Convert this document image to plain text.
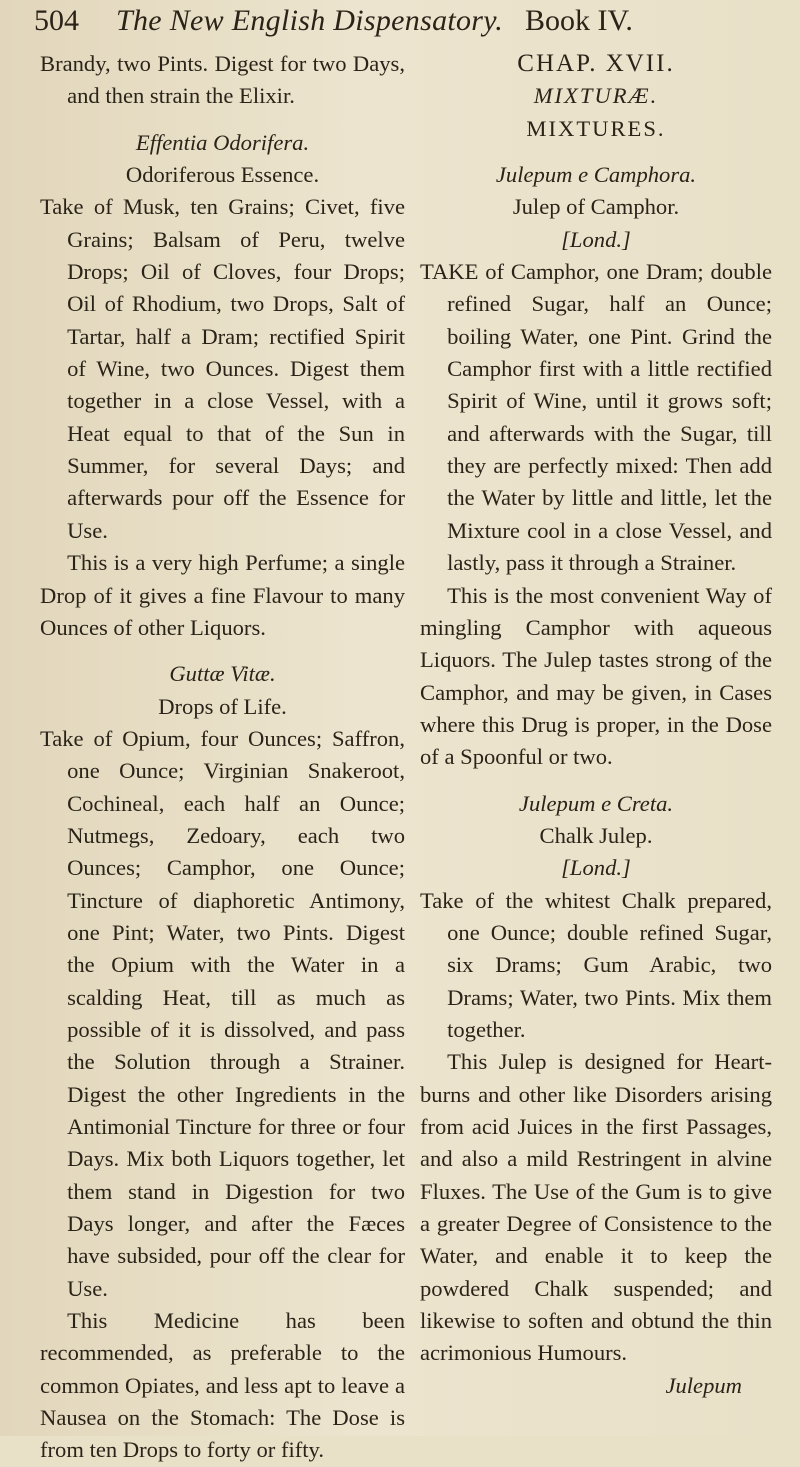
504	The New English Dispensatory. Book IV.

Brandy, two Pints. Digest for two Days, and then strain the Elixir.

Effentia Odorifera.

Odoriferous Essence.

Take of Musk, ten Grains; Civet, five Grains; Balsam of Peru, twelve Drops; Oil of Cloves, four Drops; Oil of Rhodium, two Drops, Salt of Tartar, half a Dram; rectified Spirit of Wine, two Ounces. Digest them together in a close Vessel, with a Heat equal to that of the Sun in Summer, for several Days; and afterwards pour off the Essence for Use.

This is a very high Perfume; a single Drop of it gives a fine Flavour to many Ounces of other Liquors.

Guttæ Vitæ.

Drops of Life.

Take of Opium, four Ounces; Saffron, one Ounce; Virginian Snakeroot, Cochineal, each half an Ounce; Nutmegs, Zedoary, each two Ounces; Camphor, one Ounce; Tincture of diaphoretic Antimony, one Pint; Water, two Pints. Digest the Opium with the Water in a scalding Heat, till as much as possible of it is dissolved, and pass the Solution through a Strainer. Digest the other Ingredients in the Antimonial Tincture for three or four Days. Mix both Liquors together, let them stand in Digestion for two Days longer, and after the Fæces have subsided, pour off the clear for Use.

This Medicine has been recommended, as preferable to the common Opiates, and less apt to leave a Nausea on the Stomach: The Dose is from ten Drops to forty or fifty.

CHAP. XVII.

MIXTURÆ.

MIXTURES.

Julepum e Camphora.

Julep of Camphor.

[Lond.]

TAKE of Camphor, one Dram; double refined Sugar, half an Ounce; boiling Water, one Pint. Grind the Camphor first with a little rectified Spirit of Wine, until it grows soft; and afterwards with the Sugar, till they are perfectly mixed: Then add the Water by little and little, let the Mixture cool in a close Vessel, and lastly, pass it through a Strainer.

This is the most convenient Way of mingling Camphor with aqueous Liquors. The Julep tastes strong of the Camphor, and may be given, in Cases where this Drug is proper, in the Dose of a Spoonful or two.

Julepum e Creta.

Chalk Julep.

[Lond.]

Take of the whitest Chalk prepared, one Ounce; double refined Sugar, six Drams; Gum Arabic, two Drams; Water, two Pints. Mix them together.

This Julep is designed for Heart-burns and other like Disorders arising from acid Juices in the first Passages, and also a mild Restringent in alvine Fluxes. The Use of the Gum is to give a greater Degree of Consistence to the Water, and enable it to keep the powdered Chalk suspended; and likewise to soften and obtund the thin acrimonious Humours.

Julepum
